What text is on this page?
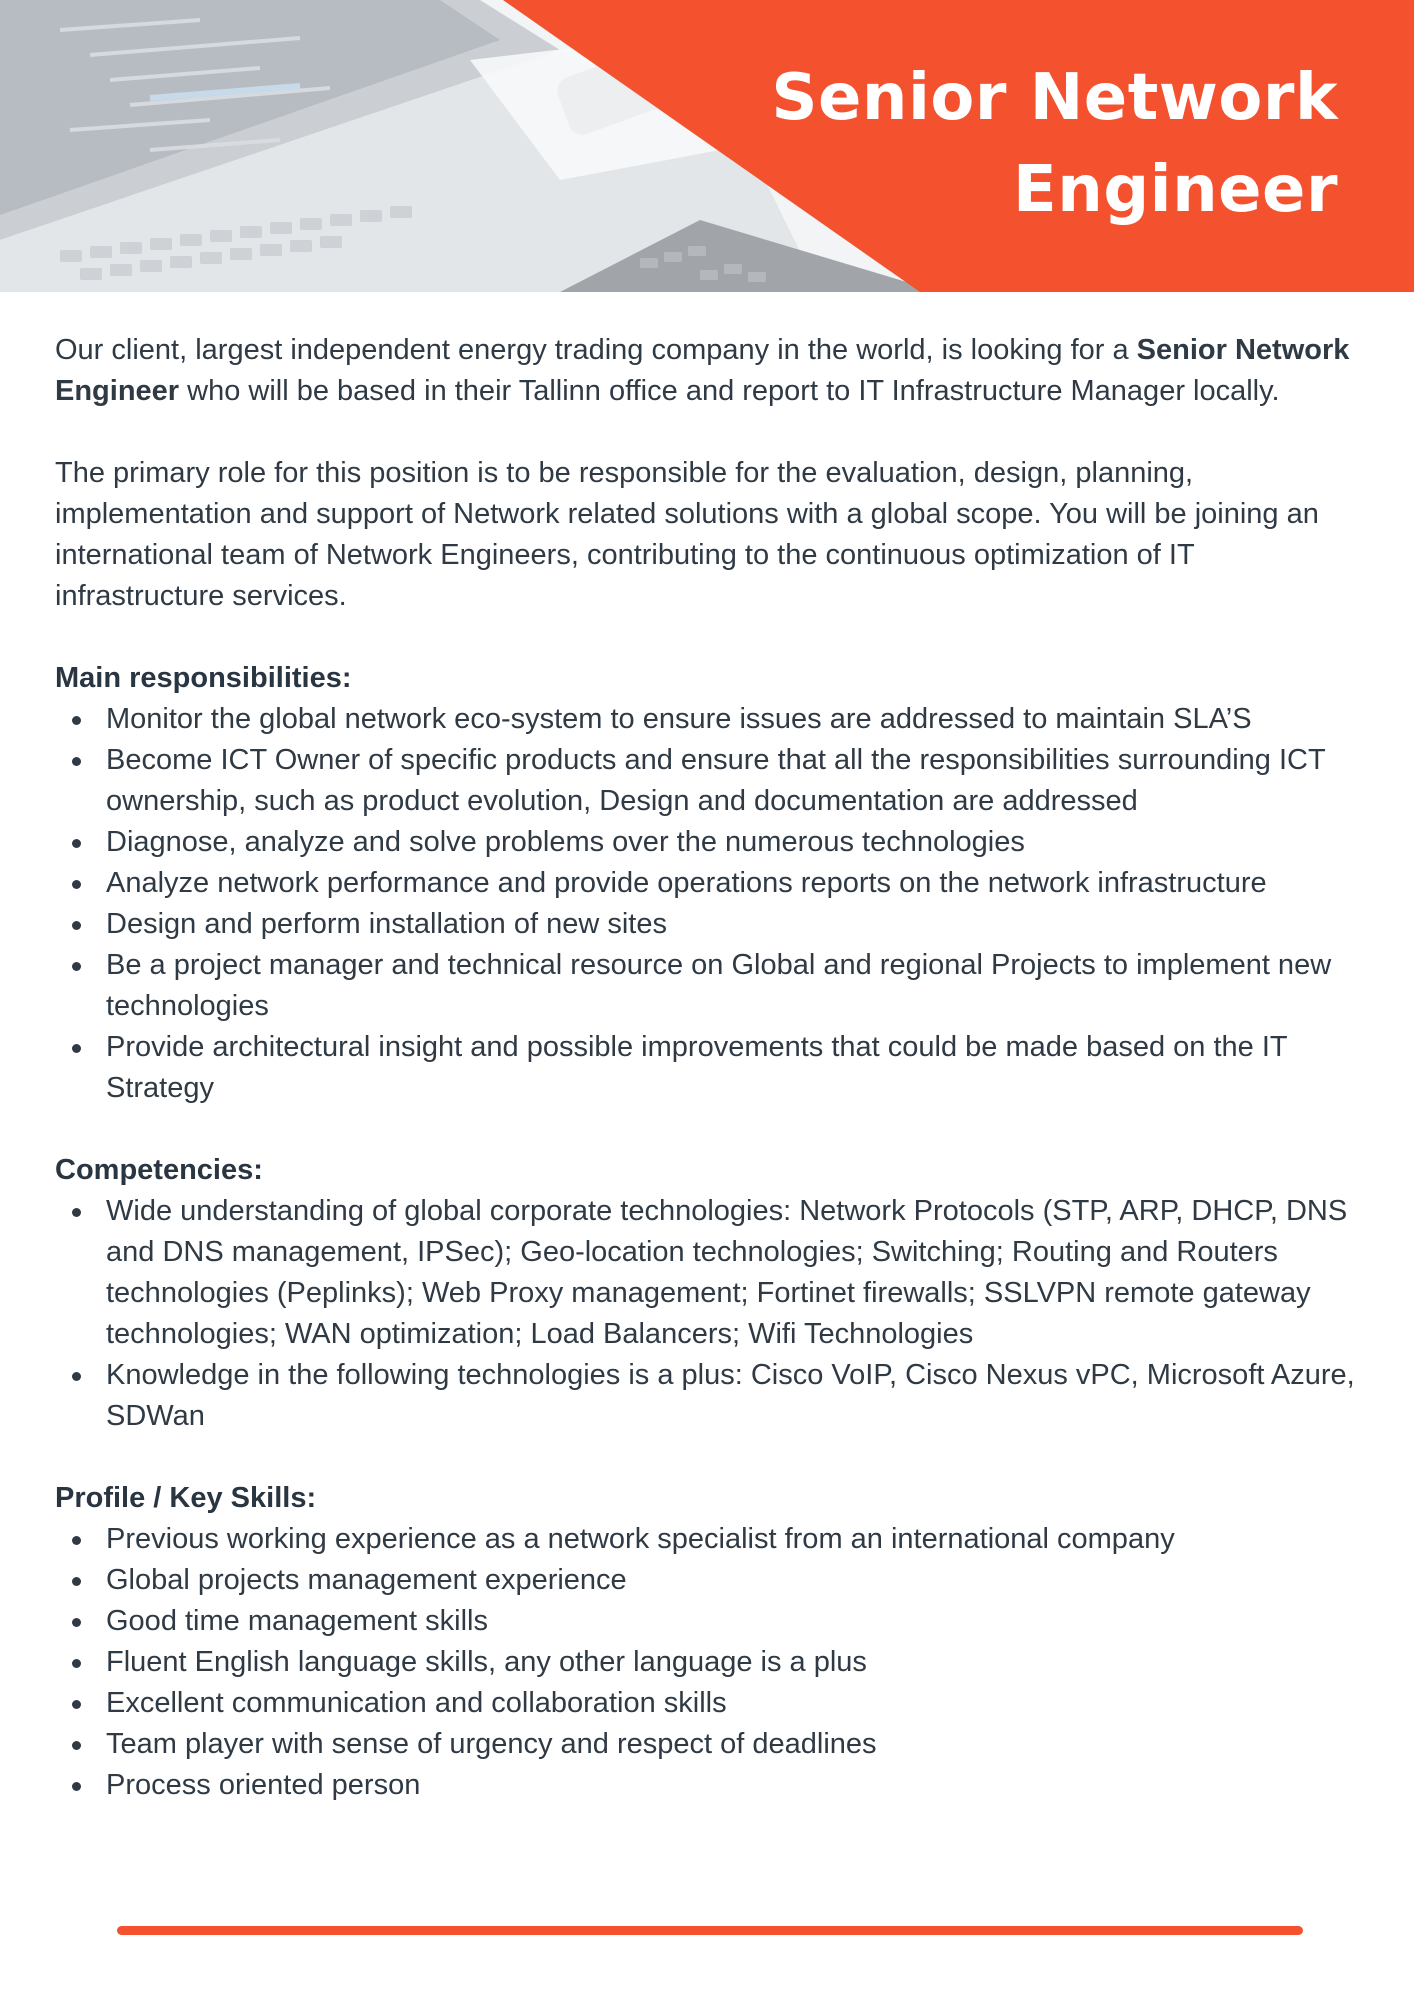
Senior Network
Engineer

Our client, largest independent energy trading company in the world, is looking for a Senior Network Engineer who will be based in their Tallinn office and report to IT Infrastructure Manager locally.

The primary role for this position is to be responsible for the evaluation, design, planning, implementation and support of Network related solutions with a global scope. You will be joining an international team of Network Engineers, contributing to the continuous optimization of IT infrastructure services.

Main responsibilities:
Monitor the global network eco-system to ensure issues are addressed to maintain SLA’S
Become ICT Owner of specific products and ensure that all the responsibilities surrounding ICT ownership, such as product evolution, Design and documentation are addressed
Diagnose, analyze and solve problems over the numerous technologies
Analyze network performance and provide operations reports on the network infrastructure
Design and perform installation of new sites
Be a project manager and technical resource on Global and regional Projects to implement new technologies
Provide architectural insight and possible improvements that could be made based on the IT Strategy
Competencies:
Wide understanding of global corporate technologies: Network Protocols (STP, ARP, DHCP, DNS and DNS management, IPSec); Geo-location technologies; Switching; Routing and Routers technologies (Peplinks); Web Proxy management; Fortinet firewalls; SSLVPN remote gateway technologies; WAN optimization; Load Balancers; Wifi Technologies
Knowledge in the following technologies is a plus: Cisco VoIP, Cisco Nexus vPC, Microsoft Azure, SDWan
Profile / Key Skills:
Previous working experience as a network specialist from an international company
Global projects management experience
Good time management skills
Fluent English language skills, any other language is a plus
Excellent communication and collaboration skills
Team player with sense of urgency and respect of deadlines
Process oriented person
